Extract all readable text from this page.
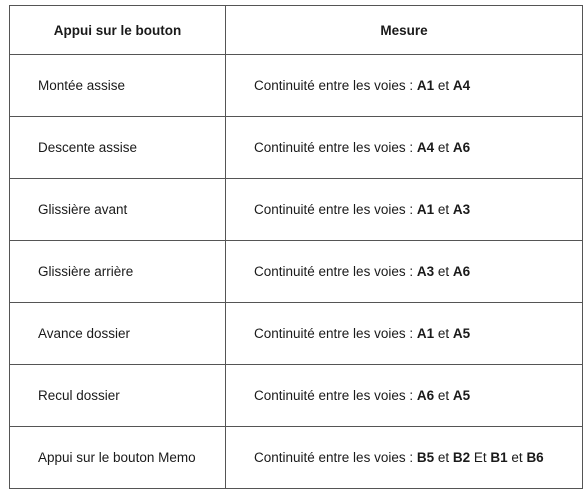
Appui sur le bouton	Mesure
Montée assise	Continuité entre les voies : A1 et A4
Descente assise	Continuité entre les voies : A4 et A6
Glissière avant	Continuité entre les voies : A1 et A3
Glissière arrière	Continuité entre les voies : A3 et A6
Avance dossier	Continuité entre les voies : A1 et A5
Recul dossier	Continuité entre les voies : A6 et A5
Appui sur le bouton Memo	Continuité entre les voies : B5 et B2 Et B1 et B6
